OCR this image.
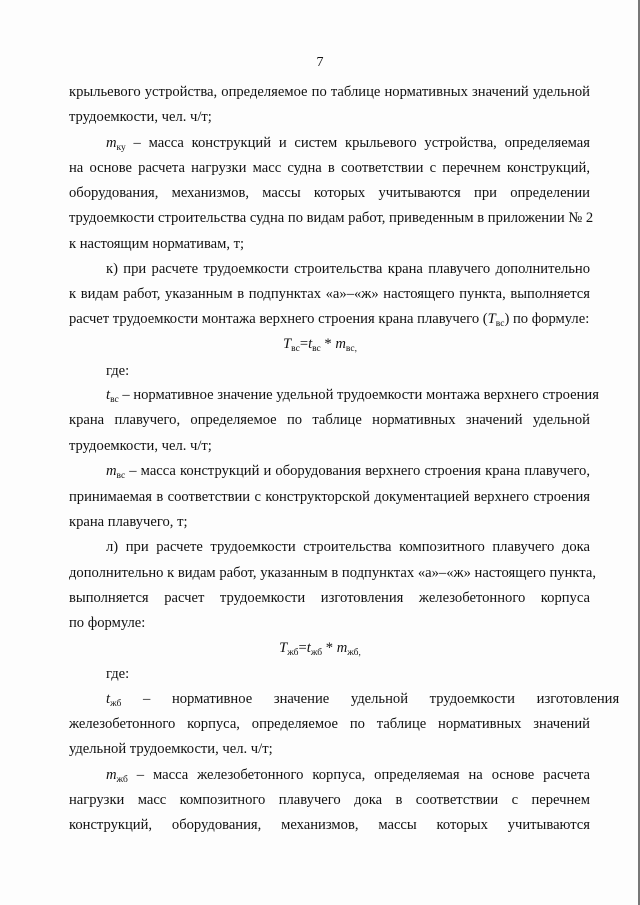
7
крыльевого устройства, определяемое по таблице нормативных значений удельной
трудоемкости, чел. ч/т;
$m_{ку}$ – масса конструкций и систем крыльевого устройства, определяемая
на основе расчета нагрузки масс судна в соответствии с перечнем конструкций,
оборудования, механизмов, массы которых учитываются при определении
трудоемкости строительства судна по видам работ, приведенным в приложении № 2
к настоящим нормативам, т;
к) при расчете трудоемкости строительства крана плавучего дополнительно
к видам работ, указанным в подпунктах «а»–«ж» настоящего пункта, выполняется
расчет трудоемкости монтажа верхнего строения крана плавучего $(T_{вс})$ по формуле:
$T_{вс}=t_{вс} * m_{вс,}$
где:
$t_{вс}$ – нормативное значение удельной трудоемкости монтажа верхнего строения
крана плавучего, определяемое по таблице нормативных значений удельной
трудоемкости, чел. ч/т;
$m_{вс}$ – масса конструкций и оборудования верхнего строения крана плавучего,
принимаемая в соответствии с конструкторской документацией верхнего строения
крана плавучего, т;
л) при расчете трудоемкости строительства композитного плавучего дока
дополнительно к видам работ, указанным в подпунктах «а»–«ж» настоящего пункта,
выполняется расчет трудоемкости изготовления железобетонного корпуса
по формуле:
$T_{жб}=t_{жб} * m_{жб,}$
где:
$t_{жб}$ – нормативное значение удельной трудоемкости изготовления
железобетонного корпуса, определяемое по таблице нормативных значений
удельной трудоемкости, чел. ч/т;
$m_{жб}$ – масса железобетонного корпуса, определяемая на основе расчета
нагрузки масс композитного плавучего дока в соответствии с перечнем
конструкций, оборудования, механизмов, массы которых учитываются
